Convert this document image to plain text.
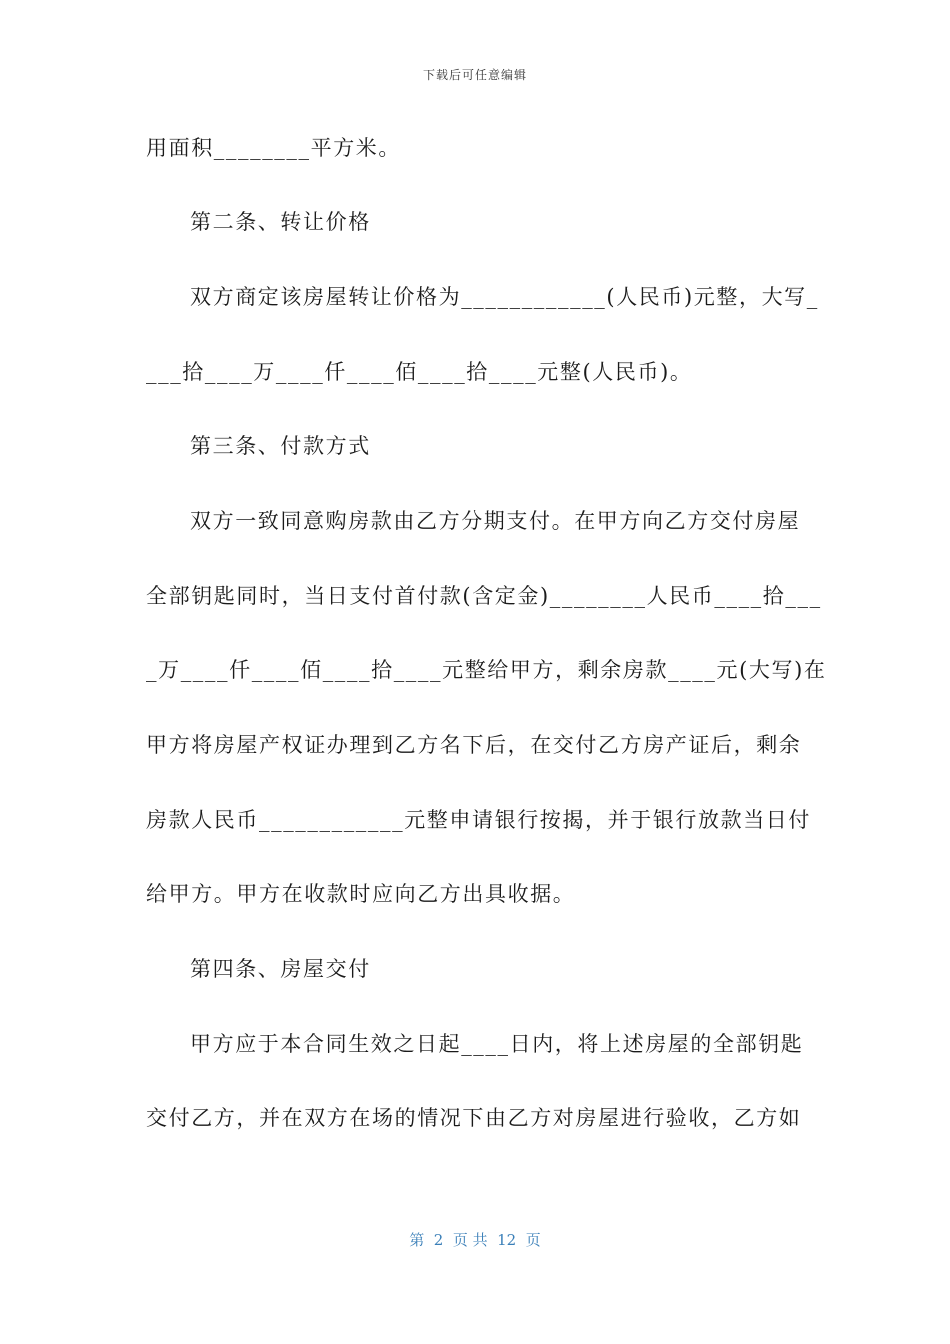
下载后可任意编辑
用面积________平方米。
第二条、转让价格
双方商定该房屋转让价格为____________(人民币)元整，大写_
___拾____万____仟____佰____拾____元整(人民币)。
第三条、付款方式
双方一致同意购房款由乙方分期支付。在甲方向乙方交付房屋
全部钥匙同时，当日支付首付款(含定金)________人民币____拾___
_万____仟____佰____拾____元整给甲方，剩余房款____元(大写)在
甲方将房屋产权证办理到乙方名下后，在交付乙方房产证后，剩余
房款人民币____________元整申请银行按揭，并于银行放款当日付
给甲方。甲方在收款时应向乙方出具收据。
第四条、房屋交付
甲方应于本合同生效之日起____日内，将上述房屋的全部钥匙
交付乙方，并在双方在场的情况下由乙方对房屋进行验收，乙方如
第  2  页 共  12  页
